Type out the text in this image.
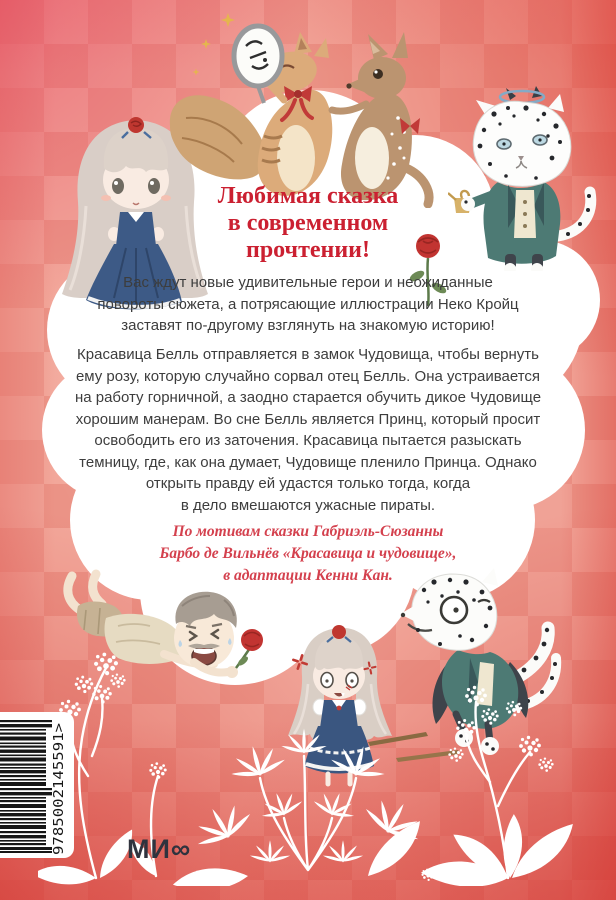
Любимая сказка
в современном
прочтении!
Вас ждут новые удивительные герои и неожиданные
повороты сюжета, а потрясающие иллюстрации Неко Кройц
заставят по-другому взглянуть на знакомую историю!
Красавица Белль отправляется в замок Чудовища, чтобы вернуть
ему розу, которую случайно сорвал отец Белль. Она устраивается
на работу горничной, а заодно старается обучить дикое Чудовище
хорошим манерам. Во сне Белль является Принц, который просит
освободить его из заточения. Красавица пытается разыскать
темницу, где, как она думает, Чудовище пленило Принца. Однако
открыть правду ей удастся только тогда, когда
в дело вмешаются ужасные пираты.
По мотивам сказки Габриэль-Сюзанны
Барбо де Вильнёв «Красавица и чудовище»,
в адаптации Кенни Кан.
9785002145591> МИ∞
